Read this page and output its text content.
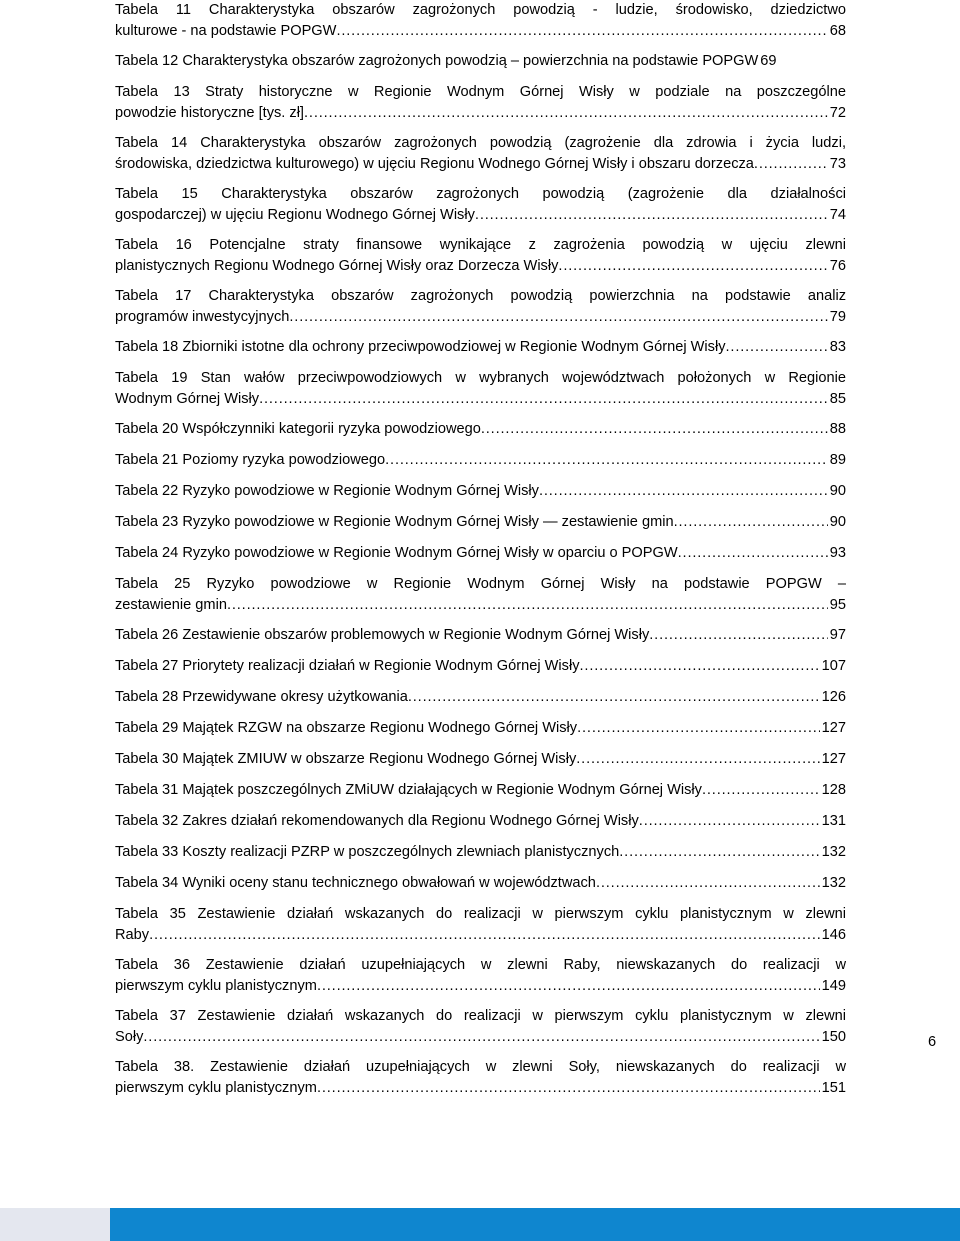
Tabela 11 Charakterystyka obszarów zagrożonych powodzią - ludzie, środowisko, dziedzictwo
kulturowe - na podstawie POPGW . . .	68
Tabela 12 Charakterystyka obszarów zagrożonych powodzią – powierzchnia na podstawie POPGW 69
Tabela 13 Straty historyczne w Regionie Wodnym Górnej Wisły w podziale na poszczególne
powodzie historyczne [tys. zł] . . .	72
Tabela 14 Charakterystyka obszarów zagrożonych powodzią (zagrożenie dla zdrowia i życia ludzi,
środowiska, dziedzictwa kulturowego) w ujęciu Regionu Wodnego Górnej Wisły i obszaru dorzecza . . .	73
Tabela 15 Charakterystyka obszarów zagrożonych powodzią (zagrożenie dla działalności
gospodarczej) w ujęciu Regionu Wodnego Górnej Wisły . . .	74
Tabela 16 Potencjalne straty finansowe wynikające z zagrożenia powodzią w ujęciu zlewni
planistycznych Regionu Wodnego Górnej Wisły oraz Dorzecza Wisły . . .	76
Tabela 17 Charakterystyka obszarów zagrożonych powodzią powierzchnia na podstawie analiz
programów inwestycyjnych . . .	79
Tabela 18 Zbiorniki istotne dla ochrony przeciwpowodziowej w Regionie Wodnym Górnej Wisły . . .	83
Tabela 19 Stan wałów przeciwpowodziowych w wybranych województwach położonych w Regionie
Wodnym Górnej Wisły . . .	85
Tabela 20 Współczynniki kategorii ryzyka powodziowego . . .	88
Tabela 21 Poziomy ryzyka powodziowego . . .	89
Tabela 22 Ryzyko powodziowe w Regionie Wodnym Górnej Wisły . . .	90
Tabela 23 Ryzyko powodziowe w Regionie Wodnym Górnej Wisły — zestawienie gmin . . .	90
Tabela 24 Ryzyko powodziowe w Regionie Wodnym Górnej Wisły w oparciu o POPGW . . .	93
Tabela 25 Ryzyko powodziowe w Regionie Wodnym Górnej Wisły na podstawie POPGW –
zestawienie gmin . . .	95
Tabela 26 Zestawienie obszarów problemowych w Regionie Wodnym Górnej Wisły . . .	97
Tabela 27 Priorytety realizacji działań w Regionie Wodnym Górnej Wisły . . .	107
Tabela 28 Przewidywane okresy użytkowania . . .	126
Tabela 29 Majątek RZGW na obszarze Regionu Wodnego Górnej Wisły . . .	127
Tabela 30 Majątek ZMIUW w obszarze Regionu Wodnego Górnej Wisły . . .	127
Tabela 31 Majątek poszczególnych ZMiUW działających w Regionie Wodnym Górnej Wisły . . .	128
Tabela 32 Zakres działań rekomendowanych dla Regionu Wodnego Górnej Wisły . . .	131
Tabela 33 Koszty realizacji PZRP w poszczególnych zlewniach planistycznych . . .	132
Tabela 34 Wyniki oceny stanu technicznego obwałowań w województwach . . .	132
Tabela 35 Zestawienie działań wskazanych do realizacji w pierwszym cyklu planistycznym w zlewni
Raby . . .	146
Tabela 36 Zestawienie działań uzupełniających w zlewni Raby, niewskazanych do realizacji w
pierwszym cyklu planistycznym . . .	149
Tabela 37 Zestawienie działań wskazanych do realizacji w pierwszym cyklu planistycznym w zlewni
Soły . . .	150
Tabela 38. Zestawienie działań uzupełniających w zlewni Soły, niewskazanych do realizacji w
pierwszym cyklu planistycznym . . .	151
6
